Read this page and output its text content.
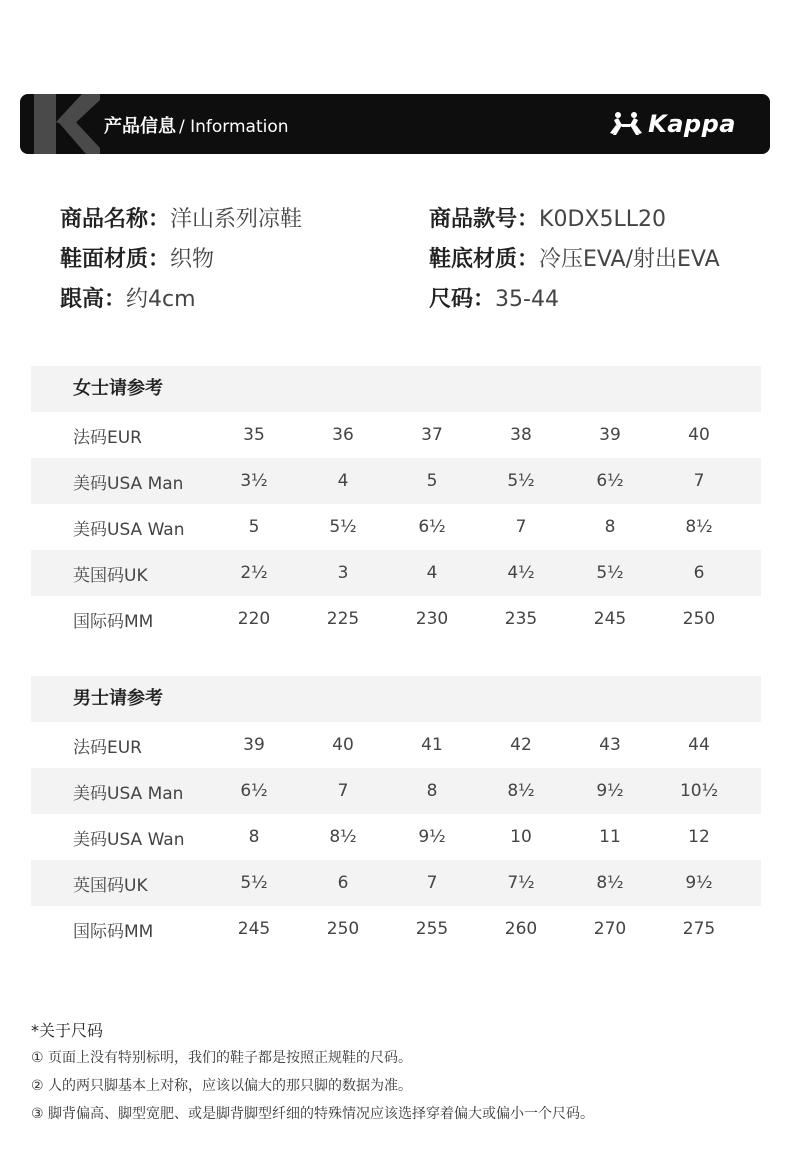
产品信息 / Information	Kappa
商品名称：洋山系列凉鞋	商品款号：K0DX5LL20
鞋面材质：织物	鞋底材质：冷压EVA/射出EVA
跟高：约4cm	尺码：35-44
女士请参考
法码EUR	35	36	37	38	39	40
美码USA Man	3½	4	5	5½	6½	7
美码USA Wan	5	5½	6½	7	8	8½
英国码UK	2½	3	4	4½	5½	6
国际码MM	220	225	230	235	245	250
男士请参考
法码EUR	39	40	41	42	43	44
美码USA Man	6½	7	8	8½	9½	10½
美码USA Wan	8	8½	9½	10	11	12
英国码UK	5½	6	7	7½	8½	9½
国际码MM	245	250	255	260	270	275
*关于尺码
① 页面上没有特别标明，我们的鞋子都是按照正规鞋的尺码。
② 人的两只脚基本上对称，应该以偏大的那只脚的数据为准。
③ 脚背偏高、脚型宽肥、或是脚背脚型纤细的特殊情况应该选择穿着偏大或偏小一个尺码。
